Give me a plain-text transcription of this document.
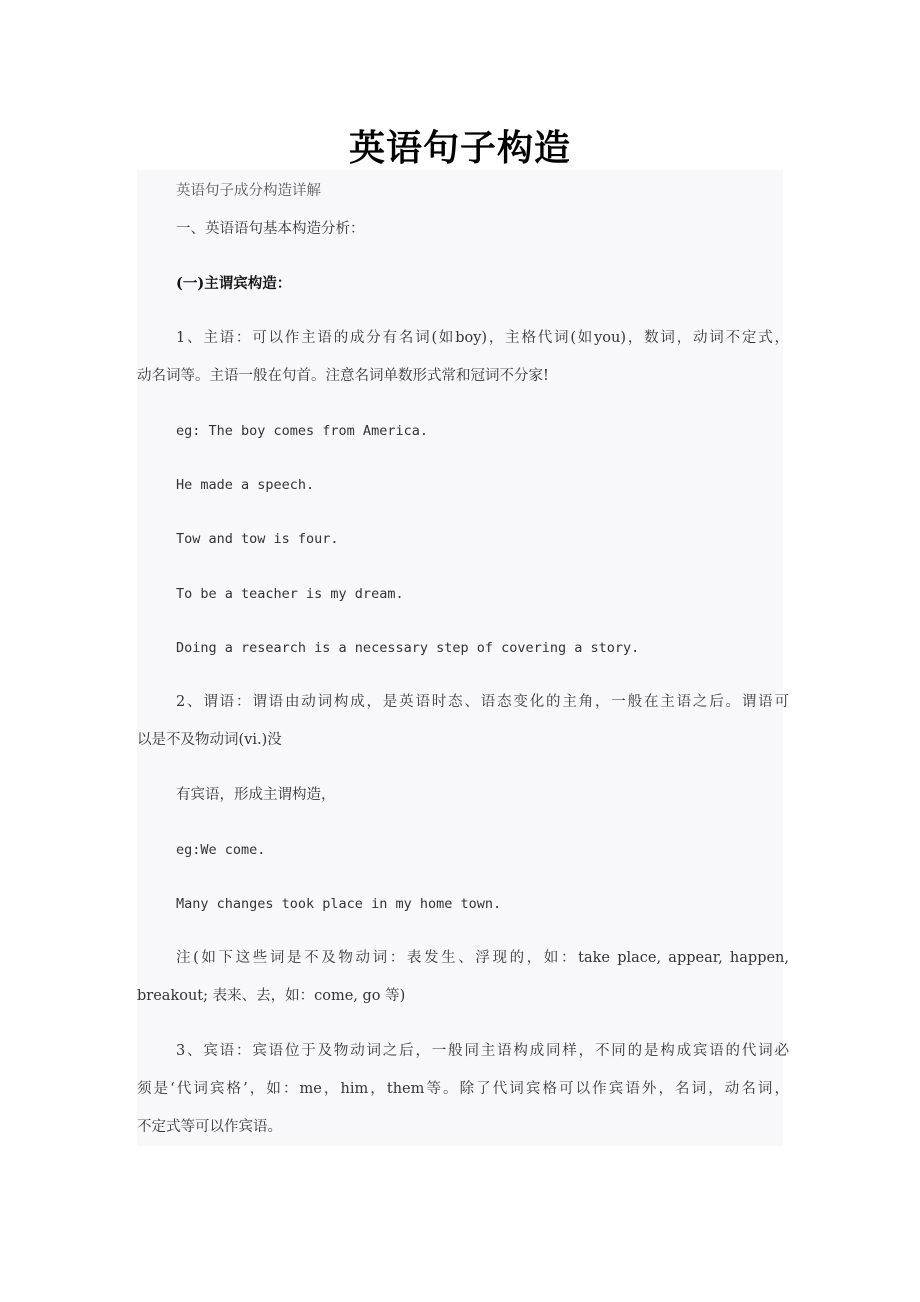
英语句子构造
英语句子成分构造详解
一、英语语句基本构造分析：
(一)主谓宾构造：
1、主语：可以作主语的成分有名词(如boy)，主格代词(如you)，数词，动词不定式，
动名词等。主语一般在句首。注意名词单数形式常和冠词不分家!
eg: The boy comes from America.
He made a speech.
Tow and tow is four.
To be a teacher is my dream.
Doing a research is a necessary step of covering a story.
2、谓语：谓语由动词构成，是英语时态、语态变化的主角，一般在主语之后。谓语可
以是不及物动词(vi.)没
有宾语，形成主谓构造，
eg:We come.
Many changes took place in my home town.
注(如下这些词是不及物动词：表发生、浮现的，如：take place, appear, happen,
breakout; 表来、去，如：come, go 等)
3、宾语：宾语位于及物动词之后，一般同主语构成同样，不同的是构成宾语的代词必
须是‘代词宾格’，如：me，him，them等。除了代词宾格可以作宾语外，名词，动名词，
不定式等可以作宾语。
